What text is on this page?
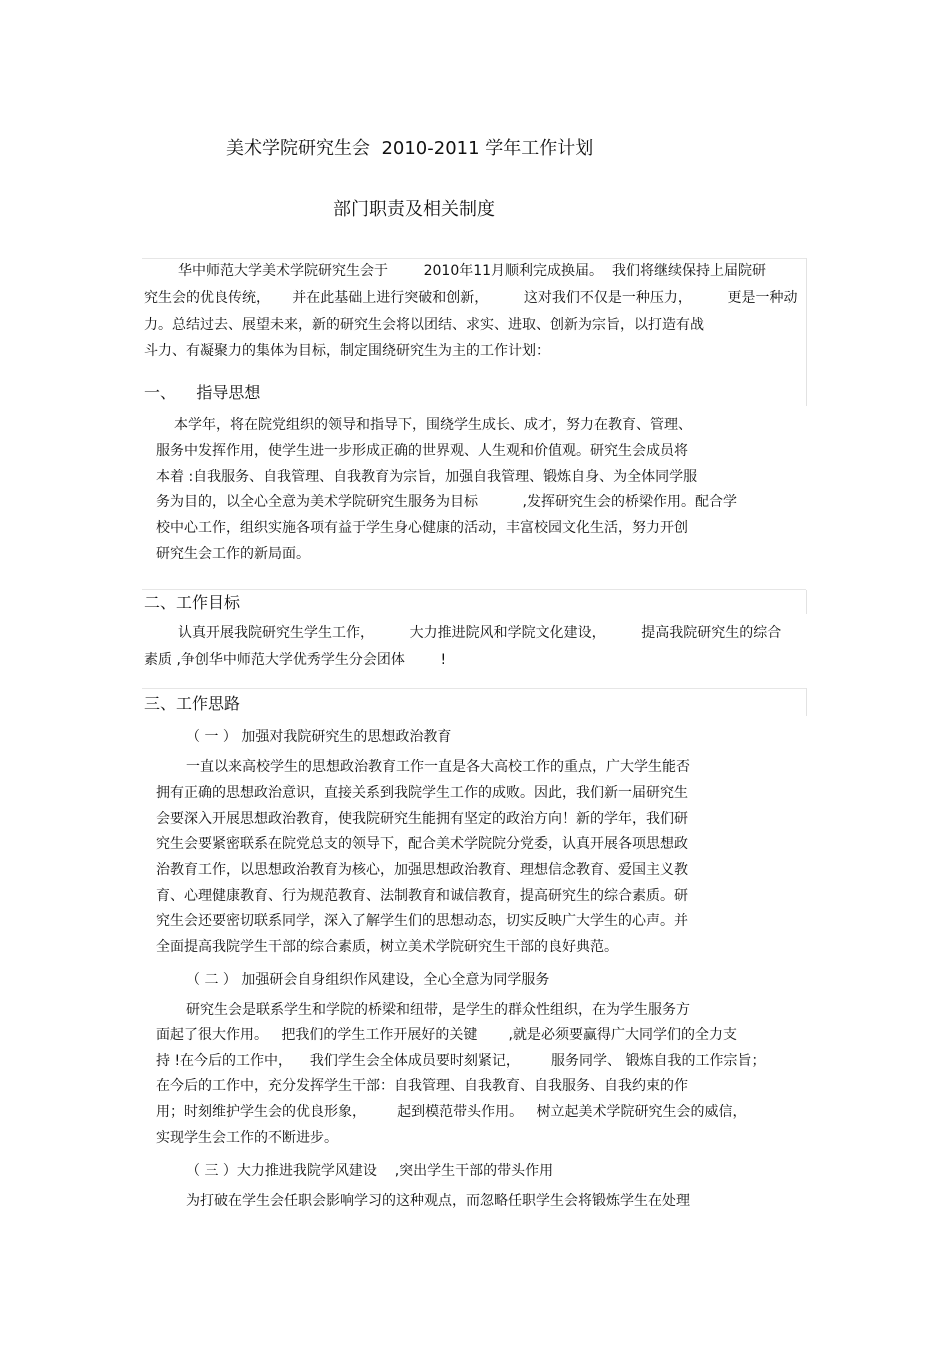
美术学院研究生会  2010-2011 学年工作计划
部门职责及相关制度
华中师范大学美术学院研究生会于        2010年11月顺利完成换届。  我们将继续保持上届院研
究生会的优良传统，     并在此基础上进行突破和创新，        这对我们不仅是一种压力，        更是一种动
力。总结过去、展望未来，新的研究生会将以团结、求实、进取、创新为宗旨，以打造有战
斗力、有凝聚力的集体为目标，制定围绕研究生为主的工作计划：
一、    指导思想
本学年，将在院党组织的领导和指导下，围绕学生成长、成才，努力在教育、管理、
服务中发挥作用，使学生进一步形成正确的世界观、人生观和价值观。研究生会成员将
本着 :自我服务、自我管理、自我教育为宗旨，加强自我管理、锻炼自身、为全体同学服
务为目的，以全心全意为美术学院研究生服务为目标          ,发挥研究生会的桥梁作用。配合学
校中心工作，组织实施各项有益于学生身心健康的活动，丰富校园文化生活，努力开创
研究生会工作的新局面。
二、工作目标
认真开展我院研究生学生工作，        大力推进院风和学院文化建设，        提高我院研究生的综合
素质 ,争创华中师范大学优秀学生分会团体        !
三、工作思路
（ 一 ） 加强对我院研究生的思想政治教育
一直以来高校学生的思想政治教育工作一直是各大高校工作的重点，广大学生能否
拥有正确的思想政治意识，直接关系到我院学生工作的成败。因此，我们新一届研究生
会要深入开展思想政治教育，使我院研究生能拥有坚定的政治方向！新的学年，我们研
究生会要紧密联系在院党总支的领导下，配合美术学院院分党委，认真开展各项思想政
治教育工作，以思想政治教育为核心，加强思想政治教育、理想信念教育、爱国主义教
育、心理健康教育、行为规范教育、法制教育和诚信教育，提高研究生的综合素质。研
究生会还要密切联系同学，深入了解学生们的思想动态，切实反映广大学生的心声。并
全面提高我院学生干部的综合素质，树立美术学院研究生干部的良好典范。
（ 二 ） 加强研会自身组织作风建设，全心全意为同学服务
研究生会是联系学生和学院的桥梁和纽带，是学生的群众性组织，在为学生服务方
面起了很大作用。   把我们的学生工作开展好的关键       ,就是必须要赢得广大同学们的全力支
持 !在今后的工作中，    我们学生会全体成员要时刻紧记，       服务同学、 锻炼自我的工作宗旨；
在今后的工作中，充分发挥学生干部：自我管理、自我教育、自我服务、自我约束的作
用；时刻维护学生会的优良形象，       起到模范带头作用。   树立起美术学院研究生会的威信，
实现学生会工作的不断进步。
（ 三 ）大力推进我院学风建设    ,突出学生干部的带头作用
为打破在学生会任职会影响学习的这种观点，而忽略任职学生会将锻炼学生在处理
